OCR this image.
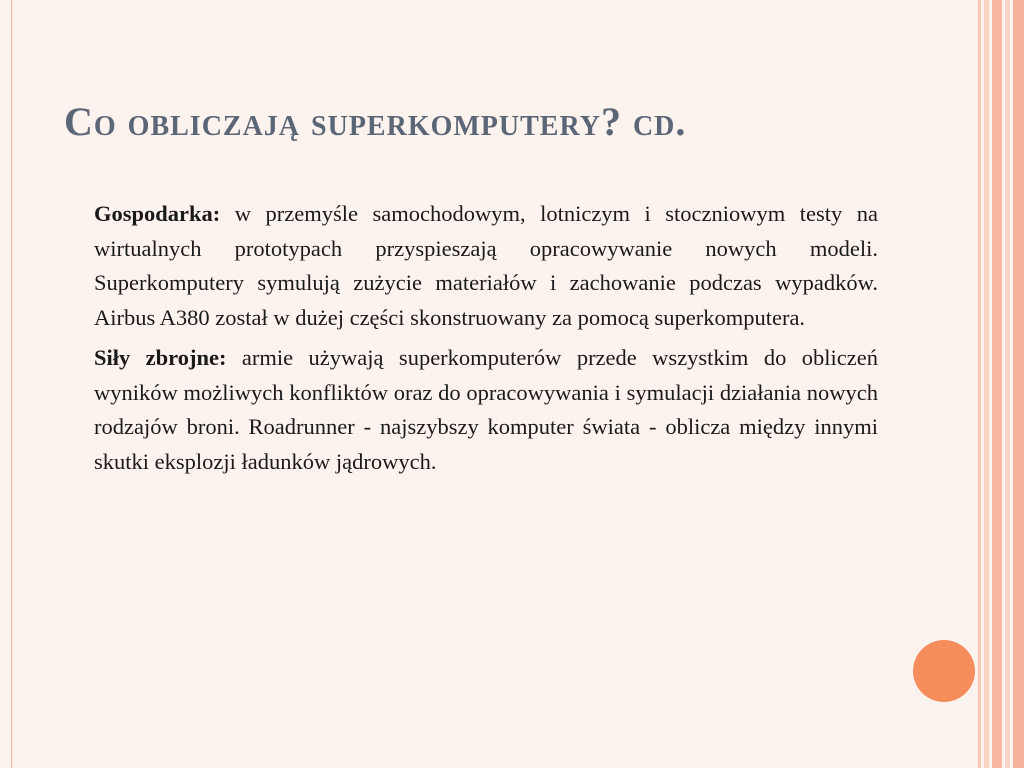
Co obliczają superkomputery? cd.

Gospodarka: w przemyśle samochodowym, lotniczym i stoczniowym testy na wirtualnych prototypach przyspieszają opracowywanie nowych modeli. Superkomputery symulują zużycie materiałów i zachowanie podczas wypadków. Airbus A380 został w dużej części skonstruowany za pomocą superkomputera.

Siły zbrojne: armie używają superkomputerów przede wszystkim do obliczeń wyników możliwych konfliktów oraz do opracowywania i symulacji działania nowych rodzajów broni. Roadrunner - najszybszy komputer świata - oblicza między innymi skutki eksplozji ładunków jądrowych.
